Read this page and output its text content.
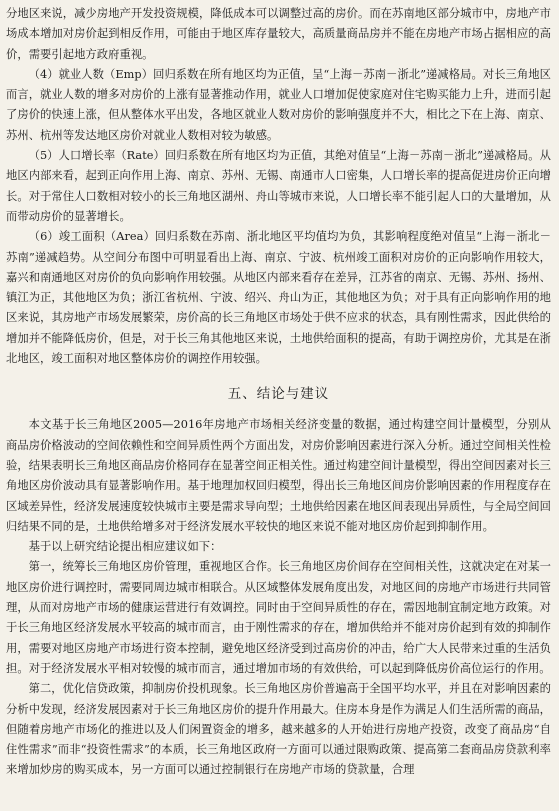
分地区来说，减少房地产开发投资规模，降低成本可以调整过高的房价。而在苏南地区部分城市中，房地产市场成本增加对房价起到相反作用，可能由于地区库存量较大，高质量商品房并不能在房地产市场占据相应的高价，需要引起地方政府重视。

（4）就业人数（Emp）回归系数在所有地区均为正值，呈“上海－苏南－浙北”递减格局。对长三角地区而言，就业人数的增多对房价的上涨有显著推动作用，就业人口增加促使家庭对住宅购买能力上升，进而引起了房价的快速上涨，但从整体水平出发，各地区就业人数对房价的影响强度并不大，相比之下在上海、南京、苏州、杭州等发达地区房价对就业人数相对较为敏感。

（5）人口增长率（Rate）回归系数在所有地区均为正值，其绝对值呈“上海－苏南－浙北”递减格局。从地区内部来看，起到正向作用上海、南京、苏州、无锡、南通市人口密集，人口增长率的提高促进房价正向增长。对于常住人口数相对较小的长三角地区湖州、舟山等城市来说，人口增长率不能引起人口的大量增加，从而带动房价的显著增长。

（6）竣工面积（Area）回归系数在苏南、浙北地区平均值均为负，其影响程度绝对值呈“上海－浙北－苏南”递减趋势。从空间分布图中可明显看出上海、南京、宁波、杭州竣工面积对房价的正向影响作用较大，嘉兴和南通地区对房价的负向影响作用较强。从地区内部来看存在差异，江苏省的南京、无锡、苏州、扬州、镇江为正，其他地区为负；浙江省杭州、宁波、绍兴、舟山为正，其他地区为负；对于具有正向影响作用的地区来说，其房地产市场发展繁荣，房价高的长三角地区市场处于供不应求的状态，具有刚性需求，因此供给的增加并不能降低房价，但是，对于长三角其他地区来说，土地供给面积的提高，有助于调控房价，尤其是在浙北地区，竣工面积对地区整体房价的调控作用较强。

五、结论与建议

本文基于长三角地区2005—2016年房地产市场相关经济变量的数据，通过构建空间计量模型，分别从商品房价格波动的空间依赖性和空间异质性两个方面出发，对房价影响因素进行深入分析。通过空间相关性检验，结果表明长三角地区商品房价格同存在显著空间正相关性。通过构建空间计量模型，得出空间因素对长三角地区房价波动具有显著影响作用。基于地理加权回归模型，得出长三角地区间房价影响因素的作用程度存在区域差异性，经济发展速度较快城市主要是需求导向型；土地供给因素在地区间表现出异质性，与全局空间回归结果不同的是，土地供给增多对于经济发展水平较快的地区来说不能对地区房价起到抑制作用。

基于以上研究结论提出相应建议如下：

第一，统筹长三角地区房价管理，重视地区合作。长三角地区房价间存在空间相关性，这就决定在对某一地区房价进行调控时，需要同周边城市相联合。从区域整体发展角度出发，对地区间的房地产市场进行共同管理，从而对房地产市场的健康运营进行有效调控。同时由于空间异质性的存在，需因地制宜制定地方政策。对于长三角地区经济发展水平较高的城市而言，由于刚性需求的存在，增加供给并不能对房价起到有效的抑制作用，需要对地区房地产市场进行资本控制，避免地区经济受到过高房价的冲击，给广大人民带来过重的生活负担。对于经济发展水平相对较慢的城市而言，通过增加市场的有效供给，可以起到降低房价高位运行的作用。

第二，优化信贷政策，抑制房价投机现象。长三角地区房价普遍高于全国平均水平，并且在对影响因素的分析中发现，经济发展因素对于长三角地区房价的提升作用最大。住房本身是作为满足人们生活所需的商品，但随着房地产市场化的推进以及人们闲置资金的增多，越来越多的人开始进行房地产投资，改变了商品房“自住性需求”而非“投资性需求”的本质，长三角地区政府一方面可以通过限购政策、提高第二套商品房贷款利率来增加炒房的购买成本，另一方面可以通过控制银行在房地产市场的贷款量，合理
